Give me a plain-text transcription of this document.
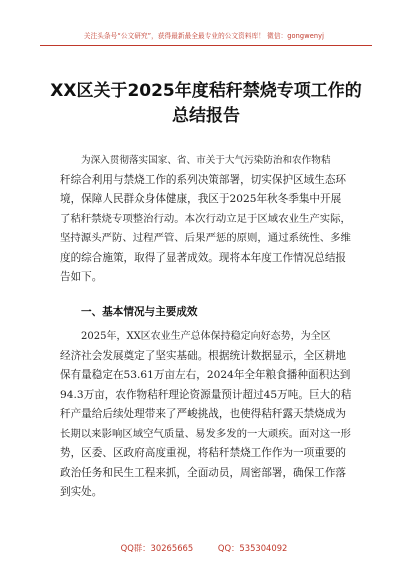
关注头条号“公文研究”，获得最新最全最专业的公文资料库！ 微信：gongwenyj
XX区关于2025年度秸秆禁烧专项工作的
总结报告
为深入贯彻落实国家、省、市关于大气污染防治和农作物秸
秆综合利用与禁烧工作的系列决策部署，切实保护区域生态环
境，保障人民群众身体健康，我区于2025年秋冬季集中开展
了秸秆禁烧专项整治行动。本次行动立足于区域农业生产实际，
坚持源头严防、过程严管、后果严惩的原则，通过系统性、多维
度的综合施策，取得了显著成效。现将本年度工作情况总结报
告如下。
一、基本情况与主要成效
2025年，XX区农业生产总体保持稳定向好态势，为全区
经济社会发展奠定了坚实基础。根据统计数据显示，全区耕地
保有量稳定在53.61万亩左右，2024年全年粮食播种面积达到
94.3万亩，农作物秸秆理论资源量预计超过45万吨。巨大的秸
秆产量给后续处理带来了严峻挑战，也使得秸秆露天禁烧成为
长期以来影响区域空气质量、易发多发的一大顽疾。面对这一形
势，区委、区政府高度重视，将秸秆禁烧工作作为一项重要的
政治任务和民生工程来抓，全面动员，周密部署，确保工作落
到实处。
QQ群：30265665	QQ：535304092
